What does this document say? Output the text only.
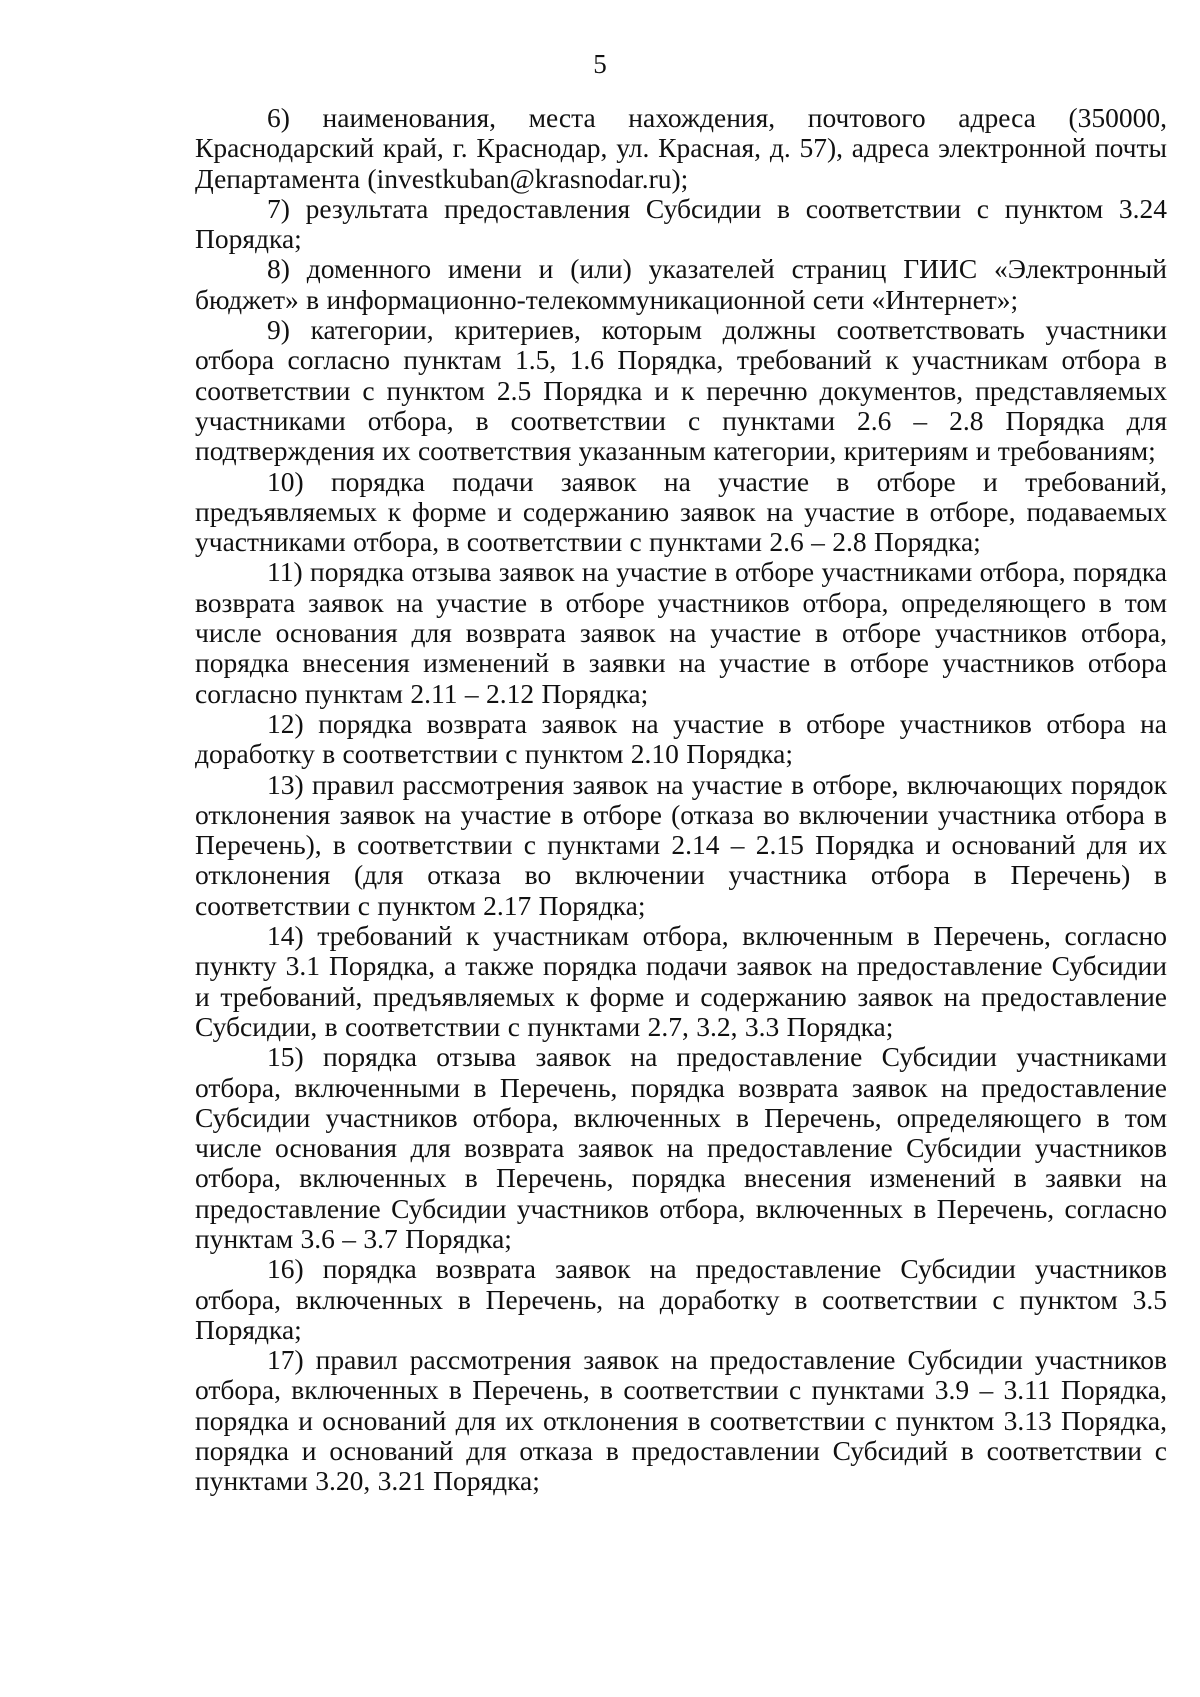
5

6) наименования, места нахождения, почтового адреса (350000, Краснодарский край, г. Краснодар, ул. Красная, д. 57), адреса электронной почты Департамента (investkuban@krasnodar.ru);

7) результата предоставления Субсидии в соответствии с пунктом 3.24 Порядка;

8) доменного имени и (или) указателей страниц ГИИС «Электронный бюджет» в информационно-телекоммуникационной сети «Интернет»;

9) категории, критериев, которым должны соответствовать участники отбора согласно пунктам 1.5, 1.6 Порядка, требований к участникам отбора в соответствии с пунктом 2.5 Порядка и к перечню документов, представляемых участниками отбора, в соответствии с пунктами 2.6 – 2.8 Порядка для подтверждения их соответствия указанным категории, критериям и требованиям;

10) порядка подачи заявок на участие в отборе и требований, предъявляемых к форме и содержанию заявок на участие в отборе, подаваемых участниками отбора, в соответствии с пунктами 2.6 – 2.8 Порядка;

11) порядка отзыва заявок на участие в отборе участниками отбора, порядка возврата заявок на участие в отборе участников отбора, определяющего в том числе основания для возврата заявок на участие в отборе участников отбора, порядка внесения изменений в заявки на участие в отборе участников отбора согласно пунктам 2.11 – 2.12 Порядка;

12) порядка возврата заявок на участие в отборе участников отбора на доработку в соответствии с пунктом 2.10 Порядка;

13) правил рассмотрения заявок на участие в отборе, включающих порядок отклонения заявок на участие в отборе (отказа во включении участника отбора в Перечень), в соответствии с пунктами 2.14 – 2.15 Порядка и оснований для их отклонения (для отказа во включении участника отбора в Перечень) в соответствии с пунктом 2.17 Порядка;

14) требований к участникам отбора, включенным в Перечень, согласно пункту 3.1 Порядка, а также порядка подачи заявок на предоставление Субсидии и требований, предъявляемых к форме и содержанию заявок на предоставление Субсидии, в соответствии с пунктами 2.7, 3.2, 3.3 Порядка;

15) порядка отзыва заявок на предоставление Субсидии участниками отбора, включенными в Перечень, порядка возврата заявок на предоставление Субсидии участников отбора, включенных в Перечень, определяющего в том числе основания для возврата заявок на предоставление Субсидии участников отбора, включенных в Перечень, порядка внесения изменений в заявки на предоставление Субсидии участников отбора, включенных в Перечень, согласно пунктам 3.6 – 3.7 Порядка;

16) порядка возврата заявок на предоставление Субсидии участников отбора, включенных в Перечень, на доработку в соответствии с пунктом 3.5 Порядка;

17) правил рассмотрения заявок на предоставление Субсидии участников отбора, включенных в Перечень, в соответствии с пунктами 3.9 – 3.11 Порядка, порядка и оснований для их отклонения в соответствии с пунктом 3.13 Порядка, порядка и оснований для отказа в предоставлении Субсидий в соответствии с пунктами 3.20, 3.21 Порядка;
